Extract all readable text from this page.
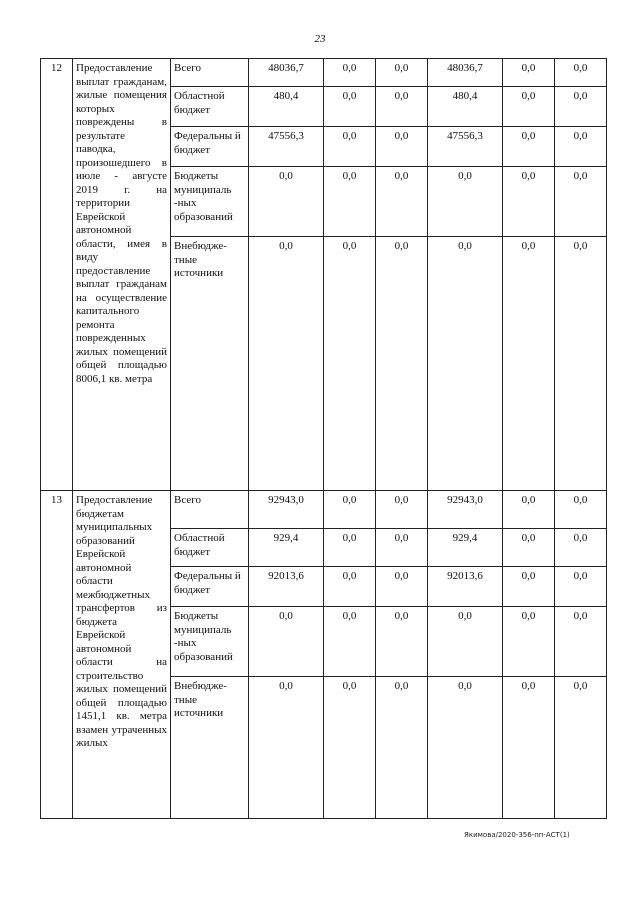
23
12	Предоставление выплат гражданам, жилые помещения которых повреждены в результате паводка, произошедшего в июле - августе 2019 г. на территории Еврейской автономной области, имея в виду предоставление выплат гражданам на осуществление капитального ремонта поврежденных жилых помещений общей площадью 8006,1 кв. метра	Всего	48036,7	0,0	0,0	48036,7	0,0	0,0
		Областной бюджет	480,4	0,0	0,0	480,4	0,0	0,0
		Федеральны й бюджет	47556,3	0,0	0,0	47556,3	0,0	0,0
		Бюджеты муниципаль -ных образований	0,0	0,0	0,0	0,0	0,0	0,0
		Внебюдже- тные источники	0,0	0,0	0,0	0,0	0,0	0,0
13	Предоставление бюджетам муниципальных образований Еврейской автономной области межбюджетных трансфертов из бюджета Еврейской автономной области на строительство жилых помещений общей площадью 1451,1 кв. метра взамен утраченных жилых	Всего	92943,0	0,0	0,0	92943,0	0,0	0,0
		Областной бюджет	929,4	0,0	0,0	929,4	0,0	0,0
		Федеральны й бюджет	92013,6	0,0	0,0	92013,6	0,0	0,0
		Бюджеты муниципаль -ных образований	0,0	0,0	0,0	0,0	0,0	0,0
		Внебюдже- тные источники	0,0	0,0	0,0	0,0	0,0	0,0
Якимова/2020-356-пп-АСТ(1)
